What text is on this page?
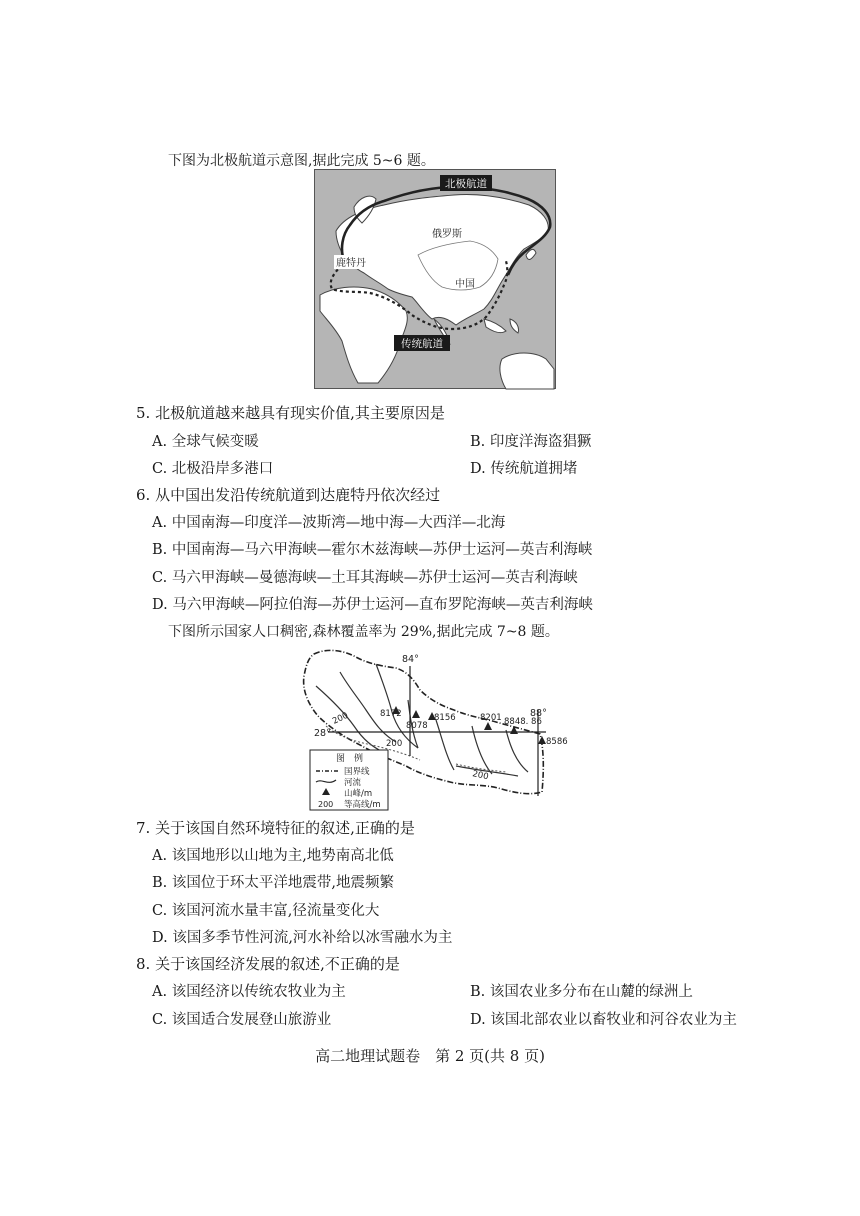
下图为北极航道示意图,据此完成 5~6 题。
北极航道
俄罗斯
鹿特丹
中国
传统航道
5. 北极航道越来越具有现实价值,其主要原因是
A. 全球气候变暖	B. 印度洋海盗猖獗
C. 北极沿岸多港口	D. 传统航道拥堵
6. 从中国出发沿传统航道到达鹿特丹依次经过
A. 中国南海—印度洋—波斯湾—地中海—大西洋—北海
B. 中国南海—马六甲海峡—霍尔木兹海峡—苏伊士运河—英吉利海峡
C. 马六甲海峡—曼德海峡—土耳其海峡—苏伊士运河—英吉利海峡
D. 马六甲海峡—阿拉伯海—苏伊士运河—直布罗陀海峡—英吉利海峡
下图所示国家人口稠密,森林覆盖率为 29%,据此完成 7~8 题。
84°
88°
28°
8172
8078
8156	8201 8848. 86
8586
200
200
200
图　例
国界线
河流
山峰/m
200 等高线/m
7. 关于该国自然环境特征的叙述,正确的是
A. 该国地形以山地为主,地势南高北低
B. 该国位于环太平洋地震带,地震频繁
C. 该国河流水量丰富,径流量变化大
D. 该国多季节性河流,河水补给以冰雪融水为主
8. 关于该国经济发展的叙述,不正确的是
A. 该国经济以传统农牧业为主	B. 该国农业多分布在山麓的绿洲上
C. 该国适合发展登山旅游业	D. 该国北部农业以畜牧业和河谷农业为主
高二地理试题卷　第 2 页(共 8 页)
